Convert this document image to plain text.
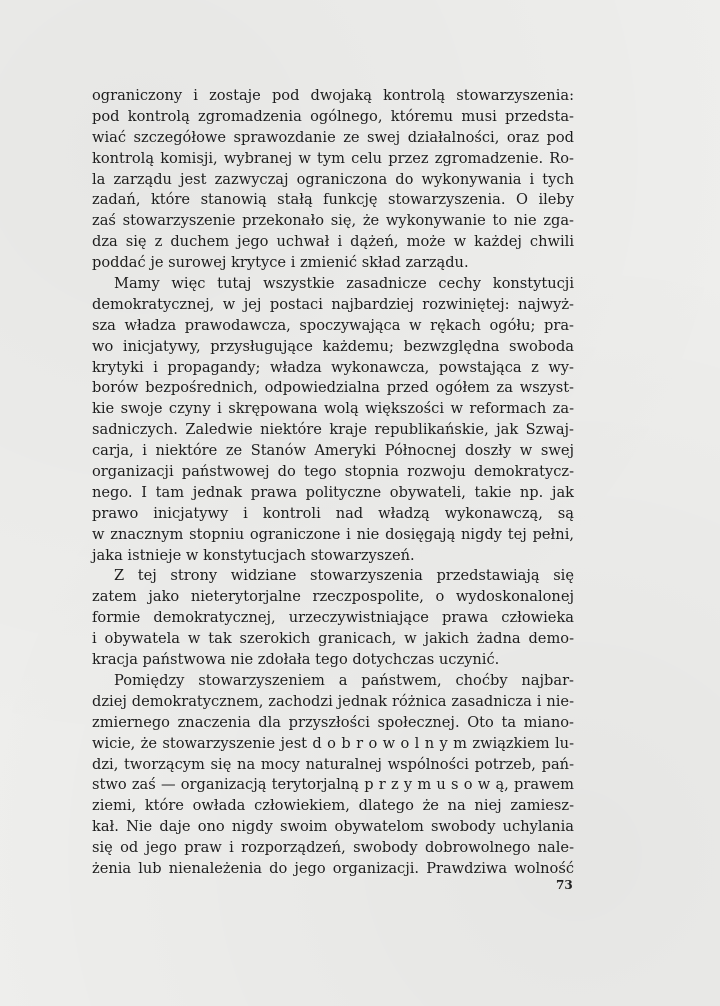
ograniczony i zostaje pod dwojaką kontrolą stowarzyszenia:
pod kontrolą zgromadzenia ogólnego, któremu musi przedsta-
wiać szczegółowe sprawozdanie ze swej działalności, oraz pod
kontrolą komisji, wybranej w tym celu przez zgromadzenie. Ro-
la zarządu jest zazwyczaj ograniczona do wykonywania i tych
zadań, które stanowią stałą funkcję stowarzyszenia. O ileby
zaś stowarzyszenie przekonało się, że wykonywanie to nie zga-
dza się z duchem jego uchwał i dążeń, może w każdej chwili
poddać je surowej krytyce i zmienić skład zarządu.
Mamy więc tutaj wszystkie zasadnicze cechy konstytucji
demokratycznej, w jej postaci najbardziej rozwiniętej: najwyż-
sza władza prawodawcza, spoczywająca w rękach ogółu; pra-
wo inicjatywy, przysługujące każdemu; bezwzględna swoboda
krytyki i propagandy; władza wykonawcza, powstająca z wy-
borów bezpośrednich, odpowiedzialna przed ogółem za wszyst-
kie swoje czyny i skrępowana wolą większości w reformach za-
sadniczych. Zaledwie niektóre kraje republikańskie, jak Szwaj-
carja, i niektóre ze Stanów Ameryki Północnej doszły w swej
organizacji państwowej do tego stopnia rozwoju demokratycz-
nego. I tam jednak prawa polityczne obywateli, takie np. jak
prawo inicjatywy i kontroli nad władzą wykonawczą, są
w znacznym stopniu ograniczone i nie dosięgają nigdy tej pełni,
jaka istnieje w konstytucjach stowarzyszeń.
Z tej strony widziane stowarzyszenia przedstawiają się
zatem jako nieterytorjalne rzeczpospolite, o wydoskonalonej
formie demokratycznej, urzeczywistniające prawa człowieka
i obywatela w tak szerokich granicach, w jakich żadna demo-
kracja państwowa nie zdołała tego dotychczas uczynić.
Pomiędzy stowarzyszeniem a państwem, choćby najbar-
dziej demokratycznem, zachodzi jednak różnica zasadnicza i nie-
zmiernego znaczenia dla przyszłości społecznej. Oto ta miano-
wicie, że stowarzyszenie jest d o b r o w o l n y m związkiem lu-
dzi, tworzącym się na mocy naturalnej wspólności potrzeb, pań-
stwo zaś — organizacją terytorjalną p r z y m u s o w ą, prawem
ziemi, które owłada człowiekiem, dlatego że na niej zamiesz-
kał. Nie daje ono nigdy swoim obywatelom swobody uchylania
się od jego praw i rozporządzeń, swobody dobrowolnego nale-
żenia lub nienależenia do jego organizacji. Prawdziwa wolność
73
